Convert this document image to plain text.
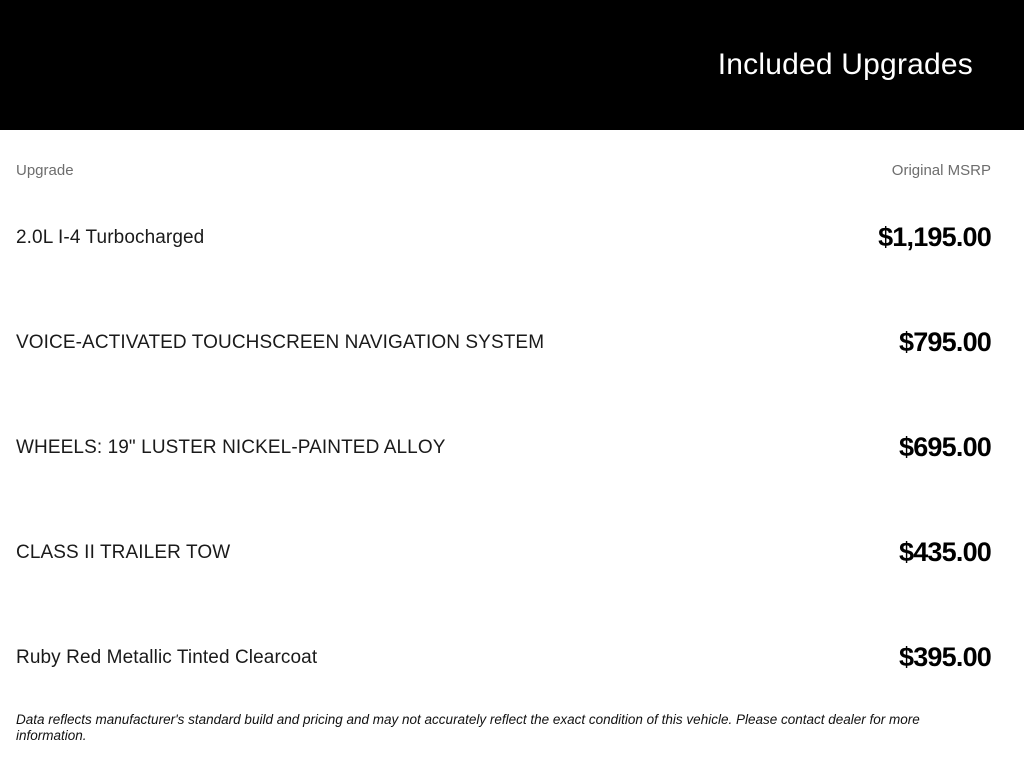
Included Upgrades
Upgrade	Original MSRP
2.0L I-4 Turbocharged	$1,195.00
VOICE-ACTIVATED TOUCHSCREEN NAVIGATION SYSTEM	$795.00
WHEELS: 19" LUSTER NICKEL-PAINTED ALLOY	$695.00
CLASS II TRAILER TOW	$435.00
Ruby Red Metallic Tinted Clearcoat	$395.00
Data reflects manufacturer's standard build and pricing and may not accurately reflect the exact condition of this vehicle. Please contact dealer for more information.
